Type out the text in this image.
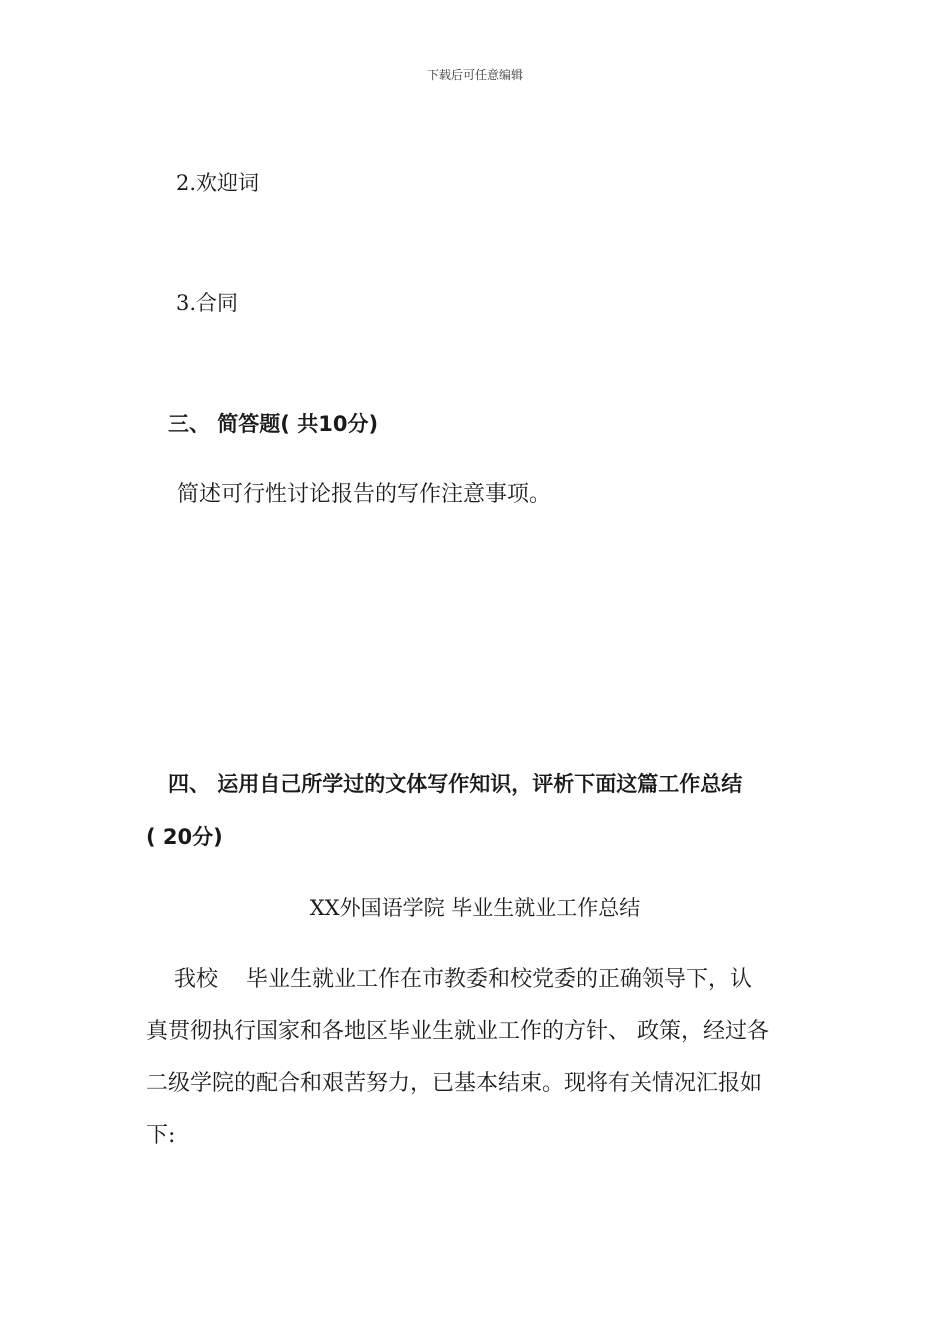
下载后可任意编辑
2.欢迎词
3.合同
三、 简答题( 共10分)
简述可行性讨论报告的写作注意事项。
四、 运用自己所学过的文体写作知识，评析下面这篇工作总结
( 20分)
XX外国语学院 毕业生就业工作总结
我校    毕业生就业工作在市教委和校党委的正确领导下，认
真贯彻执行国家和各地区毕业生就业工作的方针、 政策，经过各
二级学院的配合和艰苦努力，已基本结束。现将有关情况汇报如
下:
